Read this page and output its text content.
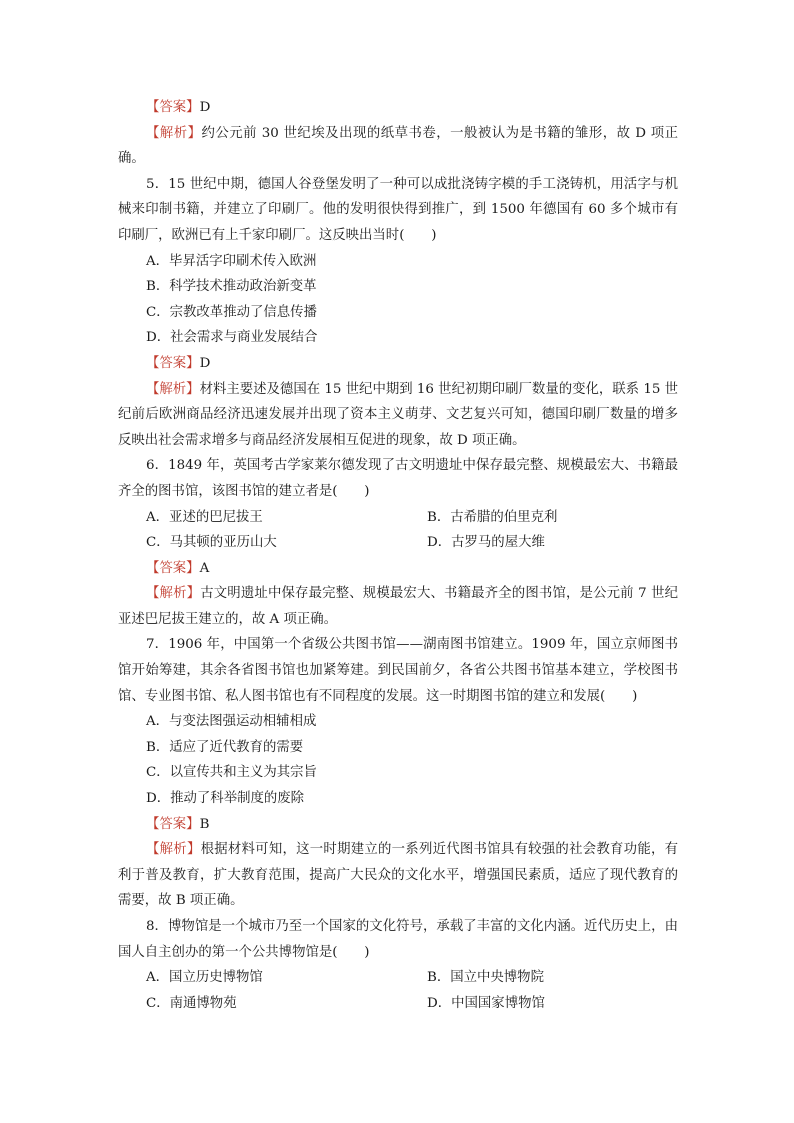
【答案】D
【解析】约公元前 30 世纪埃及出现的纸草书卷，一般被认为是书籍的雏形，故 D 项正确。
5．15 世纪中期，德国人谷登堡发明了一种可以成批浇铸字模的手工浇铸机，用活字与机械来印制书籍，并建立了印刷厂。他的发明很快得到推广，到 1500 年德国有 60 多个城市有印刷厂，欧洲已有上千家印刷厂。这反映出当时(　　)
A．毕昇活字印刷术传入欧洲
B．科学技术推动政治新变革
C．宗教改革推动了信息传播
D．社会需求与商业发展结合
【答案】D
【解析】材料主要述及德国在 15 世纪中期到 16 世纪初期印刷厂数量的变化，联系 15 世纪前后欧洲商品经济迅速发展并出现了资本主义萌芽、文艺复兴可知，德国印刷厂数量的增多反映出社会需求增多与商品经济发展相互促进的现象，故 D 项正确。
6．1849 年，英国考古学家莱尔德发现了古文明遗址中保存最完整、规模最宏大、书籍最齐全的图书馆，该图书馆的建立者是(　　)
A．亚述的巴尼拔王	B．古希腊的伯里克利
C．马其顿的亚历山大	D．古罗马的屋大维
【答案】A
【解析】古文明遗址中保存最完整、规模最宏大、书籍最齐全的图书馆，是公元前 7 世纪亚述巴尼拔王建立的，故 A 项正确。
7．1906 年，中国第一个省级公共图书馆——湖南图书馆建立。1909 年，国立京师图书馆开始筹建，其余各省图书馆也加紧筹建。到民国前夕，各省公共图书馆基本建立，学校图书馆、专业图书馆、私人图书馆也有不同程度的发展。这一时期图书馆的建立和发展(　　)
A．与变法图强运动相辅相成
B．适应了近代教育的需要
C．以宣传共和主义为其宗旨
D．推动了科举制度的废除
【答案】B
【解析】根据材料可知，这一时期建立的一系列近代图书馆具有较强的社会教育功能，有利于普及教育，扩大教育范围，提高广大民众的文化水平，增强国民素质，适应了现代教育的需要，故 B 项正确。
8．博物馆是一个城市乃至一个国家的文化符号，承载了丰富的文化内涵。近代历史上，由国人自主创办的第一个公共博物馆是(　　)
A．国立历史博物馆	B．国立中央博物院
C．南通博物苑	D．中国国家博物馆
